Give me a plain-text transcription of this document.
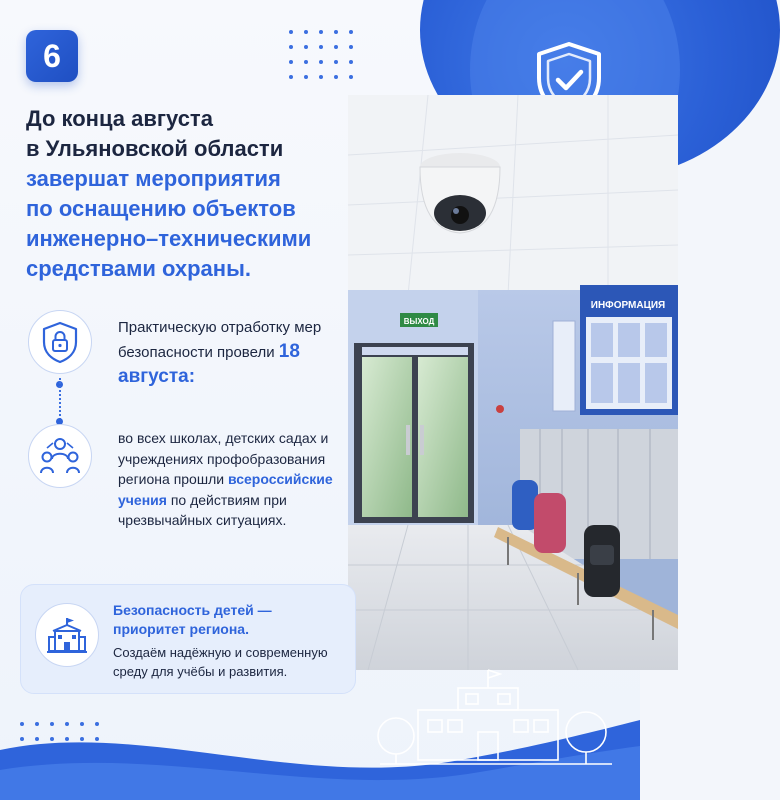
6
До конца августа
в Ульяновской области
завершат мероприятия
по оснащению объектов
инженерно–техническими
средствами охраны.
ВЫХОД
ИНФОРМАЦИЯ
Практическую отработку мер безопасности провели 18 августа:
во всех школах, детских садах и учреждениях профобразования региона прошли всероссийские учения по действиям при чрезвычайных ситуациях.
Безопасность детей — приоритет региона.
Создаём надёжную и современную среду для учёбы и развития.
